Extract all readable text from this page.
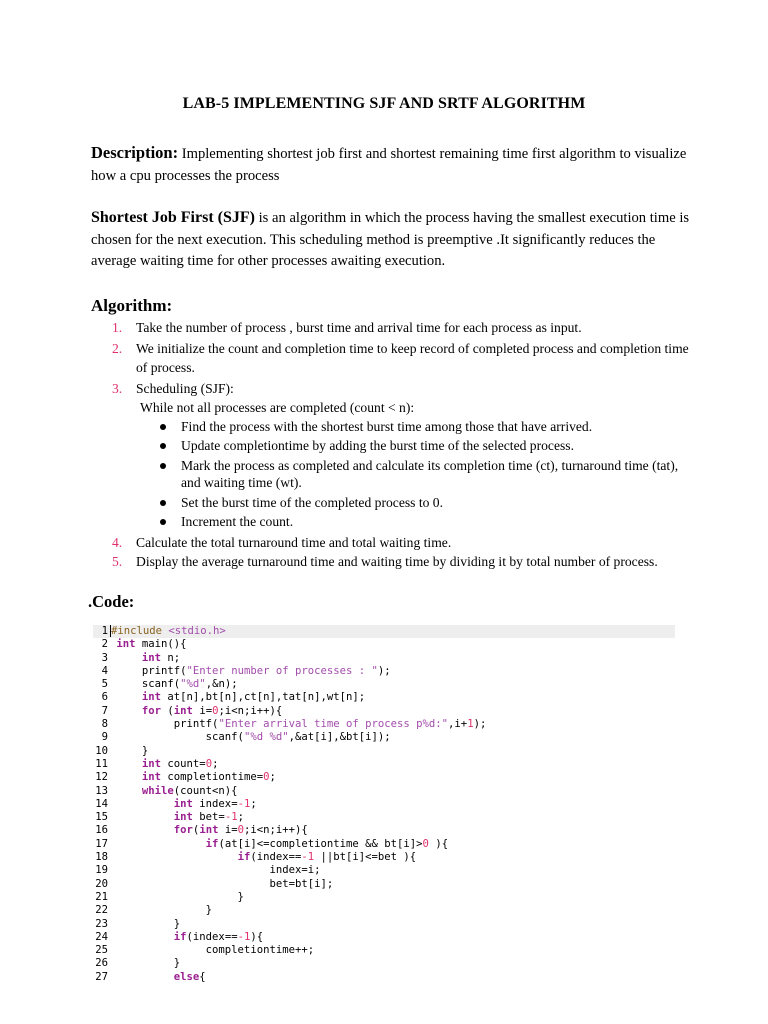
LAB-5 IMPLEMENTING SJF AND SRTF ALGORITHM
Description: Implementing shortest job first and shortest remaining time first algorithm to visualize how a cpu processes the process
Shortest Job First (SJF) is an algorithm in which the process having the smallest execution time is chosen for the next execution. This scheduling method is preemptive .It significantly reduces the average waiting time for other processes awaiting execution.
Algorithm:
1. Take the number of process , burst time and arrival time for each process as input.
2. We initialize the count and completion time to keep record of completed process and completion time of process.
3. Scheduling (SJF):
While not all processes are completed (count < n):
Find the process with the shortest burst time among those that have arrived.
Update completiontime by adding the burst time of the selected process.
Mark the process as completed and calculate its completion time (ct), turnaround time (tat), and waiting time (wt).
Set the burst time of the completed process to 0.
Increment the count.
4. Calculate the total turnaround time and total waiting time.
5. Display the average turnaround time and waiting time by dividing it by total number of process.
.Code:
1 #include <stdio.h>
2 int main(){
3	int n;
4 printf("Enter number of processes : ");
5 scanf("%d",&n);
6	int at[n],bt[n],ct[n],tat[n],wt[n];
7	for (int i=0;i<n;i++){
8 printf("Enter arrival time of process p%d:",i+1);
9 scanf("%d %d",&at[i],&bt[i]);
10 }
11	int count=0;
12	int completiontime=0;
13	while(count<n){
14	int index=-1;
15	int bet=-1;
16	for(int i=0;i<n;i++){
17	if(at[i]<=completiontime && bt[i]>0 ){
18	if(index==-1 ||bt[i]<=bet ){
19 index=i;
20 bet=bt[i];
21 }
22 }
23 }
24	if(index==-1){
25 completiontime++;
26 }
27	else{
